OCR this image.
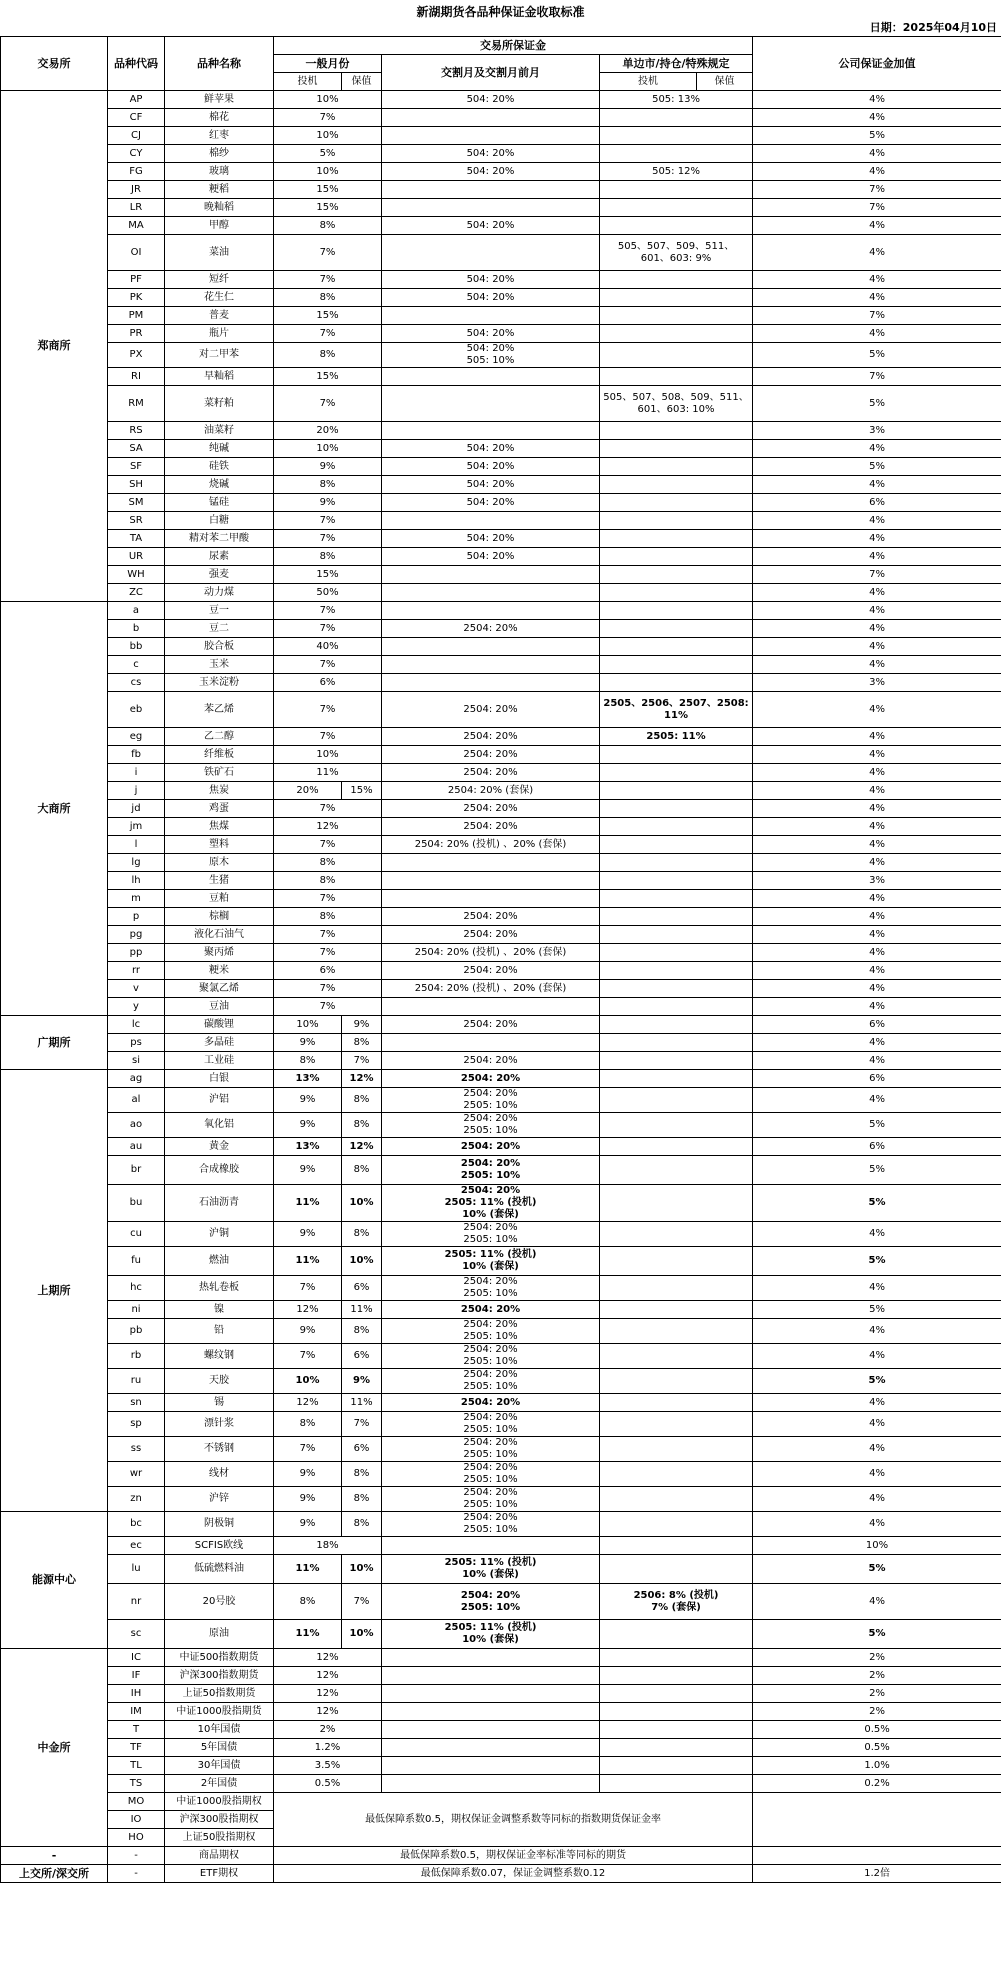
新湖期货各品种保证金收取标准
日期：2025年04月10日
交易所	品种代码	品种名称	交易所保证金					公司保证金加值
			一般月份		交割月及交割月前月	单边市/持仓/特殊规定		
			投机	保值		投机	保值	
郑商所	AP	鲜苹果	10%		504: 20%	505: 13%		4%
	CF	棉花	7%					4%
	CJ	红枣	10%					5%
	CY	棉纱	5%		504: 20%			4%
	FG	玻璃	10%		504: 20%	505: 12%		4%
	JR	粳稻	15%					7%
	LR	晚籼稻	15%					7%
	MA	甲醇	8%		504: 20%			4%
	OI	菜油	7%			505、507、509、511、
601、603: 9%		4%
	PF	短纤	7%		504: 20%			4%
	PK	花生仁	8%		504: 20%			4%
	PM	普麦	15%					7%
	PR	瓶片	7%		504: 20%			4%
	PX	对二甲苯	8%		504: 20%
505: 10%			5%
	RI	早籼稻	15%					7%
	RM	菜籽粕	7%			505、507、508、509、511、
601、603: 10%		5%
	RS	油菜籽	20%					3%
	SA	纯碱	10%		504: 20%			4%
	SF	硅铁	9%		504: 20%			5%
	SH	烧碱	8%		504: 20%			4%
	SM	锰硅	9%		504: 20%			6%
	SR	白糖	7%					4%
	TA	精对苯二甲酸	7%		504: 20%			4%
	UR	尿素	8%		504: 20%			4%
	WH	强麦	15%					7%
	ZC	动力煤	50%					4%
大商所	a	豆一	7%					4%
	b	豆二	7%		2504: 20%			4%
	bb	胶合板	40%					4%
	c	玉米	7%					4%
	cs	玉米淀粉	6%					3%
	eb	苯乙烯	7%		2504: 20%	2505、2506、2507、2508:
11%		4%
	eg	乙二醇	7%		2504: 20%	2505: 11%		4%
	fb	纤维板	10%		2504: 20%			4%
	i	铁矿石	11%		2504: 20%			4%
	j	焦炭	20%	15%	2504: 20% (套保)			4%
	jd	鸡蛋	7%		2504: 20%			4%
	jm	焦煤	12%		2504: 20%			4%
	l	塑料	7%		2504: 20% (投机) 、20% (套保)			4%
	lg	原木	8%					4%
	lh	生猪	8%					3%
	m	豆粕	7%					4%
	p	棕榈	8%		2504: 20%			4%
	pg	液化石油气	7%		2504: 20%			4%
	pp	聚丙烯	7%		2504: 20% (投机) 、20% (套保)			4%
	rr	粳米	6%		2504: 20%			4%
	v	聚氯乙烯	7%		2504: 20% (投机) 、20% (套保)			4%
	y	豆油	7%					4%
广期所	lc	碳酸锂	10%	9%	2504: 20%			6%
	ps	多晶硅	9%	8%				4%
	si	工业硅	8%	7%	2504: 20%			4%
上期所	ag	白银	13%	12%	2504: 20%			6%
	al	沪铝	9%	8%	2504: 20%
2505: 10%			4%
	ao	氧化铝	9%	8%	2504: 20%
2505: 10%			5%
	au	黄金	13%	12%	2504: 20%			6%
	br	合成橡胶	9%	8%	2504: 20%
2505: 10%			5%
	bu	石油沥青	11%	10%	2504: 20%
2505: 11% (投机)
10% (套保)			5%
	cu	沪铜	9%	8%	2504: 20%
2505: 10%			4%
	fu	燃油	11%	10%	2505: 11% (投机)
10% (套保)			5%
	hc	热轧卷板	7%	6%	2504: 20%
2505: 10%			4%
	ni	镍	12%	11%	2504: 20%			5%
	pb	铅	9%	8%	2504: 20%
2505: 10%			4%
	rb	螺纹钢	7%	6%	2504: 20%
2505: 10%			4%
	ru	天胶	10%	9%	2504: 20%
2505: 10%			5%
	sn	锡	12%	11%	2504: 20%			4%
	sp	漂针浆	8%	7%	2504: 20%
2505: 10%			4%
	ss	不锈钢	7%	6%	2504: 20%
2505: 10%			4%
	wr	线材	9%	8%	2504: 20%
2505: 10%			4%
	zn	沪锌	9%	8%	2504: 20%
2505: 10%			4%
能源中心	bc	阴极铜	9%	8%	2504: 20%
2505: 10%			4%
	ec	SCFIS欧线	18%					10%
	lu	低硫燃料油	11%	10%	2505: 11% (投机)
10% (套保)			5%
	nr	20号胶	8%	7%	2504: 20%
2505: 10%	2506: 8% (投机)
7% (套保)		4%
	sc	原油	11%	10%	2505: 11% (投机)
10% (套保)			5%
中金所	IC	中证500指数期货	12%					2%
	IF	沪深300指数期货	12%					2%
	IH	上证50指数期货	12%					2%
	IM	中证1000股指期货	12%					2%
	T	10年国债	2%					0.5%
	TF	5年国债	1.2%					0.5%
	TL	30年国债	3.5%					1.0%
	TS	2年国债	0.5%					0.2%
	MO	中证1000股指期权	最低保障系数0.5，期权保证金调整系数等同标的指数期货保证金率					
	IO	沪深300股指期权						
	HO	上证50股指期权						
-	-	商品期权	最低保障系数0.5，期权保证金率标准等同标的期货					
上交所/深交所	-	ETF期权	最低保障系数0.07，保证金调整系数0.12					1.2倍
